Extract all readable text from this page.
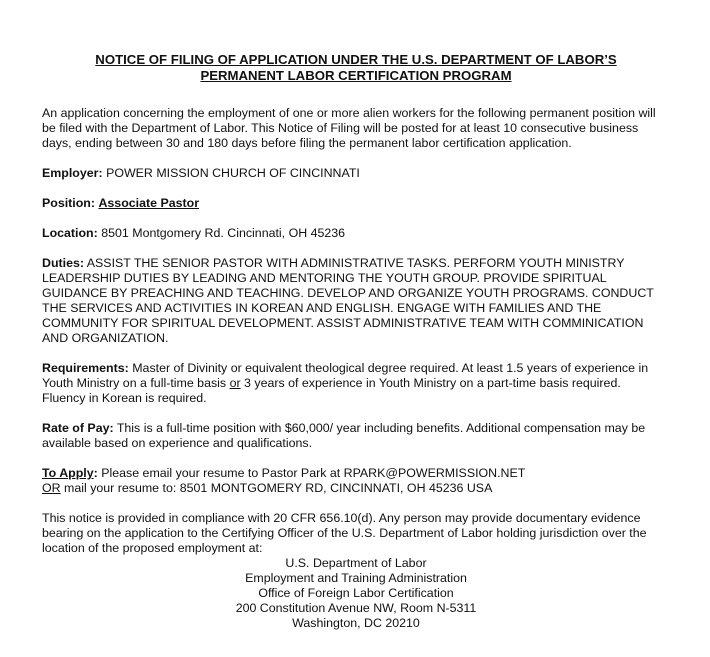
NOTICE OF FILING OF APPLICATION UNDER THE U.S. DEPARTMENT OF LABOR’S
PERMANENT LABOR CERTIFICATION PROGRAM

An application concerning the employment of one or more alien workers for the following permanent position will be filed with the Department of Labor. This Notice of Filing will be posted for at least 10 consecutive business days, ending between 30 and 180 days before filing the permanent labor certification application.

Employer: POWER MISSION CHURCH OF CINCINNATI

Position: Associate Pastor

Location: 8501 Montgomery Rd. Cincinnati, OH 45236

Duties: ASSIST THE SENIOR PASTOR WITH ADMINISTRATIVE TASKS. PERFORM YOUTH MINISTRY LEADERSHIP DUTIES BY LEADING AND MENTORING THE YOUTH GROUP. PROVIDE SPIRITUAL GUIDANCE BY PREACHING AND TEACHING. DEVELOP AND ORGANIZE YOUTH PROGRAMS. CONDUCT THE SERVICES AND ACTIVITIES IN KOREAN AND ENGLISH. ENGAGE WITH FAMILIES AND THE COMMUNITY FOR SPIRITUAL DEVELOPMENT. ASSIST ADMINISTRATIVE TEAM WITH COMMINICATION AND ORGANIZATION.

Requirements: Master of Divinity or equivalent theological degree required. At least 1.5 years of experience in Youth Ministry on a full-time basis or 3 years of experience in Youth Ministry on a part-time basis required. Fluency in Korean is required.

Rate of Pay: This is a full-time position with $60,000/ year including benefits. Additional compensation may be available based on experience and qualifications.

To Apply: Please email your resume to Pastor Park at RPARK@POWERMISSION.NET
OR mail your resume to: 8501 MONTGOMERY RD, CINCINNATI, OH 45236 USA

This notice is provided in compliance with 20 CFR 656.10(d). Any person may provide documentary evidence bearing on the application to the Certifying Officer of the U.S. Department of Labor holding jurisdiction over the location of the proposed employment at:
U.S. Department of Labor
Employment and Training Administration
Office of Foreign Labor Certification
200 Constitution Avenue NW, Room N-5311
Washington, DC 20210
